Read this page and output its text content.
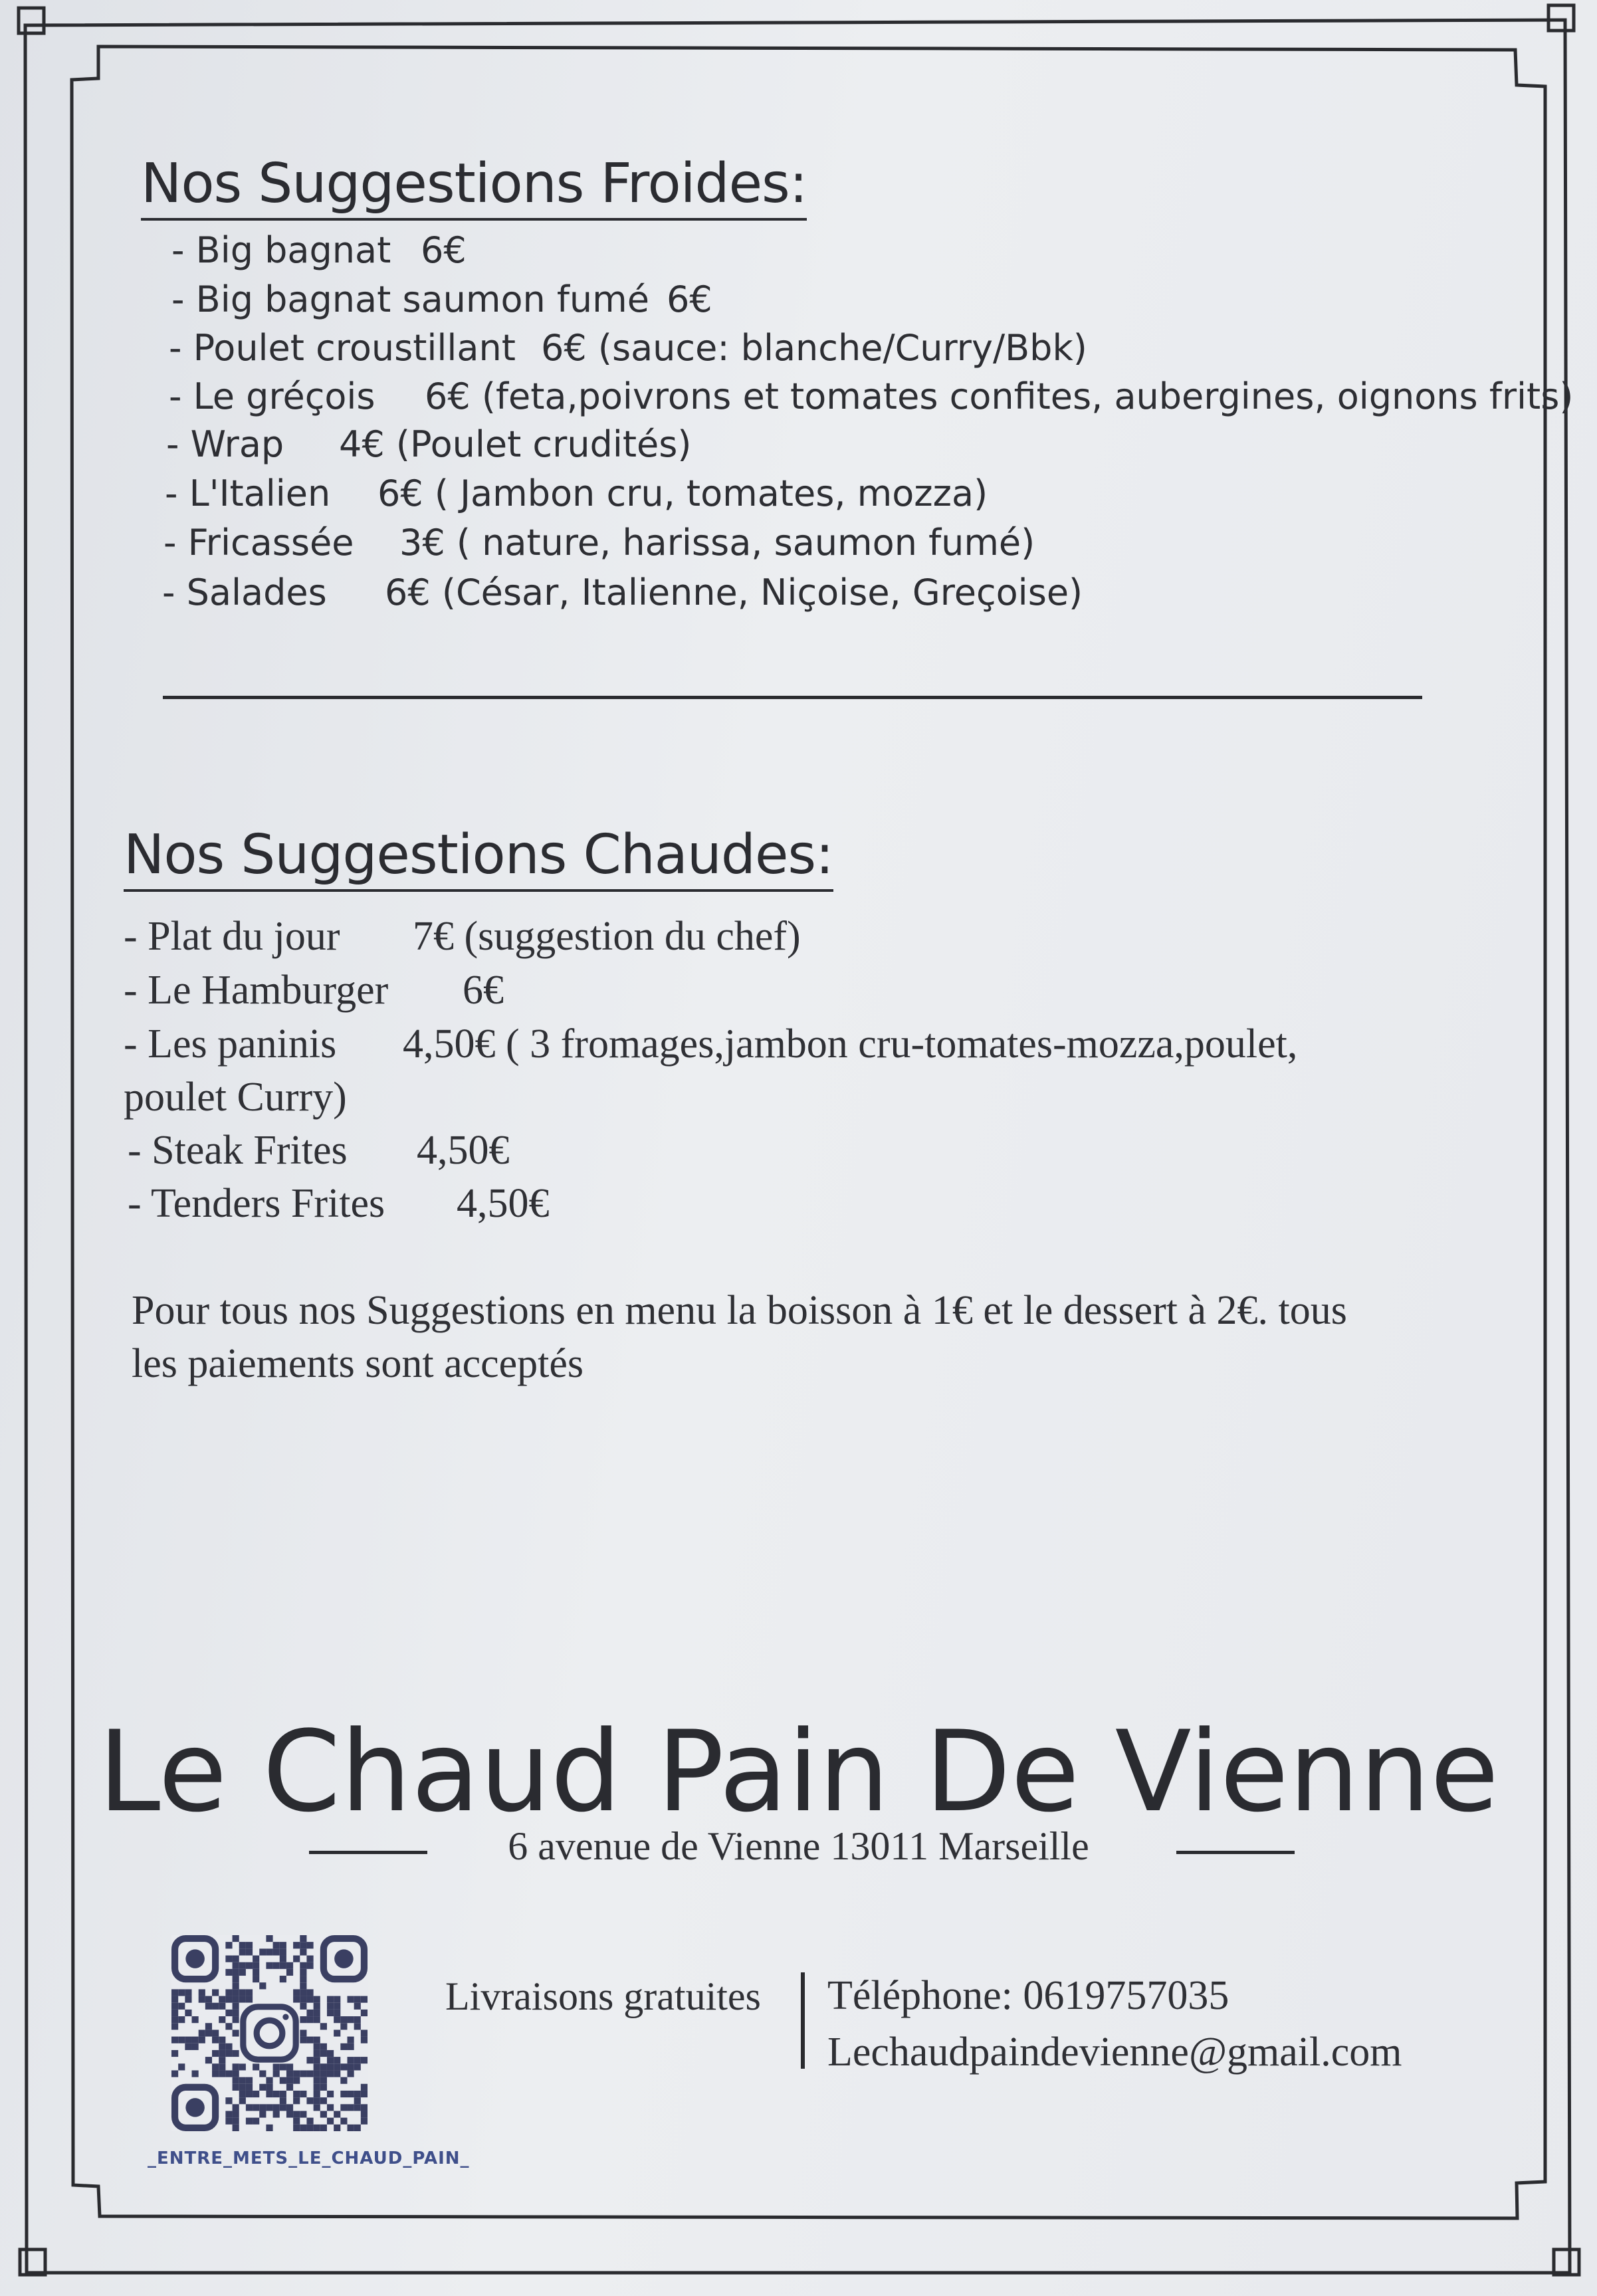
Nos Suggestions Froides:
- Big bagnat 6€
- Big bagnat saumon fumé 6€
- Poulet croustillant 6€ (sauce: blanche/Curry/Bbk)
- Le gréçois 6€ (feta,poivrons et tomates confites, aubergines, oignons frits)
- Wrap 4€ (Poulet crudités)
- L'Italien 6€ ( Jambon cru, tomates, mozza)
- Fricassée 3€ ( nature, harissa, saumon fumé)
- Salades 6€ (César, Italienne, Niçoise, Greçoise)
Nos Suggestions Chaudes:
- Plat du jour 7€ (suggestion du chef)
- Le Hamburger 6€
- Les paninis 4,50€ ( 3 fromages,jambon cru-tomates-mozza,poulet,
poulet Curry)
- Steak Frites 4,50€
- Tenders Frites 4,50€
Pour tous nos Suggestions en menu la boisson à 1€ et le dessert à 2€. tous
les paiements sont acceptés
Le Chaud Pain De Vienne
6 avenue de Vienne 13011 Marseille
_ENTRE_METS_LE_CHAUD_PAIN_
Livraisons gratuites Téléphone: 0619757035
Lechaudpaindevienne@gmail.com
